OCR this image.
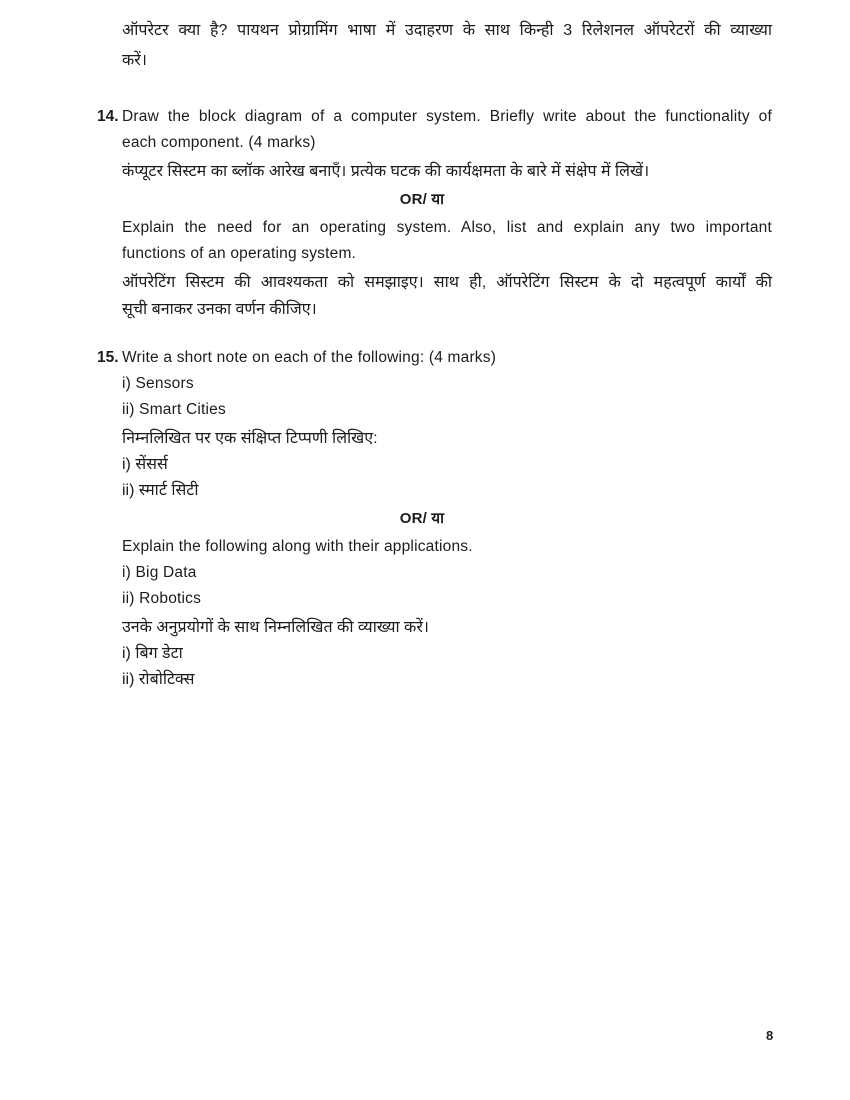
ऑपरेटर क्या है? पायथन प्रोग्रामिंग भाषा में उदाहरण के साथ किन्ही 3 रिलेशनल ऑपरेटरों की व्याख्या
करें।
14. Draw the block diagram of a computer system. Briefly write about the functionality of
each component. (4 marks)
कंप्यूटर सिस्टम का ब्लॉक आरेख बनाएँ। प्रत्येक घटक की कार्यक्षमता के बारे में संक्षेप में लिखें।
OR/ या
Explain the need for an operating system. Also, list and explain any two important
functions of an operating system.
ऑपरेटिंग सिस्टम की आवश्यकता को समझाइए। साथ ही, ऑपरेटिंग सिस्टम के दो महत्वपूर्ण कार्यों की
सूची बनाकर उनका वर्णन कीजिए।
15. Write a short note on each of the following: (4 marks)
i) Sensors
ii) Smart Cities
निम्नलिखित पर एक संक्षिप्त टिप्पणी लिखिए:
i) सेंसर्स
ii) स्मार्ट सिटी
OR/ या
Explain the following along with their applications.
i) Big Data
ii) Robotics
उनके अनुप्रयोगों के साथ निम्नलिखित की व्याख्या करें।
i) बिग डेटा
ii) रोबोटिक्स
8
